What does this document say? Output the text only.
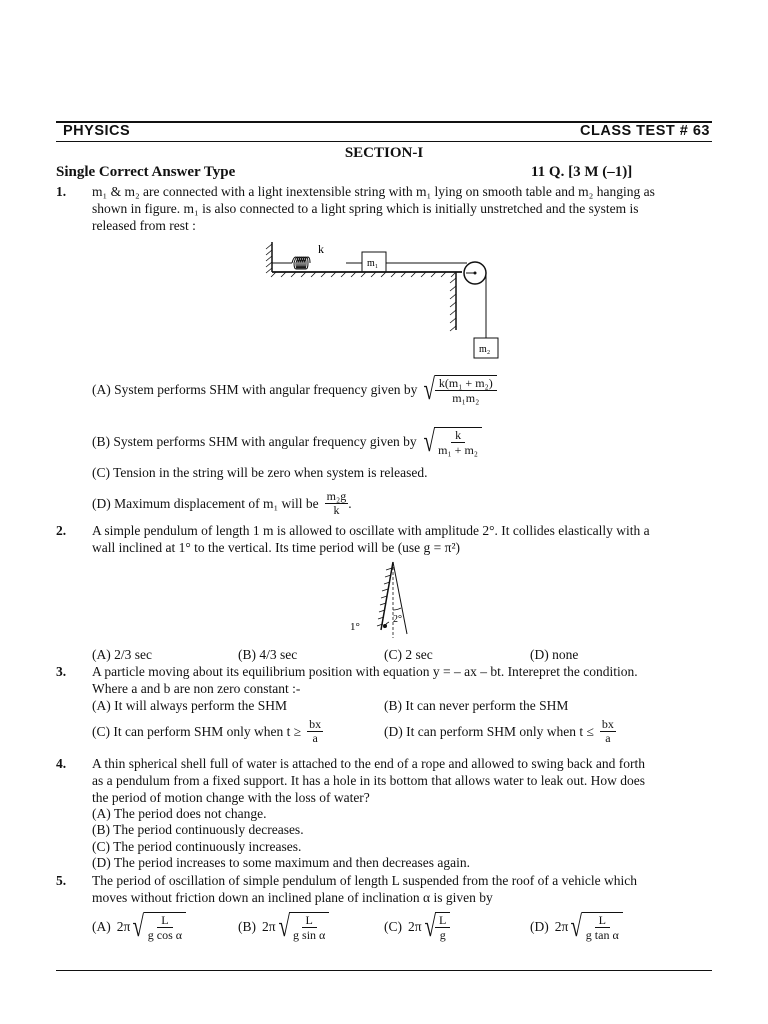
PHYSICS	CLASS TEST # 63
SECTION-I
Single Correct Answer Type	11 Q. [3 M (–1)]
1. m₁ & m₂ are connected with a light inextensible string with m₁ lying on smooth table and m₂ hanging as
shown in figure. m₁ is also connected to a light spring which is initially unstretched and the system is
released from rest :
k
m₁
m₂
(A) System performs SHM with angular frequency given by √ $\frac{\text{k(m₁ + m₂)}}{\text{m₁m₂}}$
(B) System performs SHM with angular frequency given by √ $\frac{k}{\text{m₁ + m₂}}$
(C) Tension in the string will be zero when system is released.
(D) Maximum displacement of m₁ will be $\frac{\text{m₂g}}{k}$ .
2. A simple pendulum of length 1 m is allowed to oscillate with amplitude 2°. It collides elastically with a
wall inclined at 1° to the vertical. Its time period will be (use g = π²)
1°
2°
(A) 2/3 sec	(B) 4/3 sec	(C) 2 sec	(D) none
3. A particle moving about its equilibrium position with equation y = – ax – bt. Interepret the condition.
Where a and b are non zero constant :-
(A) It will always perform the SHM	(B) It can never perform the SHM
(C) It can perform SHM only when $t \ge \frac{bx}{a}$	(D) It can perform SHM only when $t \le \frac{bx}{a}$
4. A thin spherical shell full of water is attached to the end of a rope and allowed to swing back and forth
as a pendulum from a fixed support. It has a hole in its bottom that allows water to leak out. How does
the period of motion change with the loss of water?
(A) The period does not change.
(B) The period continuously decreases.
(C) The period continuously increases.
(D) The period increases to some maximum and then decreases again.
5. The period of oscillation of simple pendulum of length L suspended from the roof of a vehicle which
moves without friction down an inclined plane of inclination α is given by
(A) 2π √ $\frac{L}{\text{g cos α}}$	(B) 2π √ $\frac{L}{\text{g sin α}}$	(C) 2π √ $\frac{L}{g}$	(D) 2π √ $\frac{L}{\text{g tan α}}$
